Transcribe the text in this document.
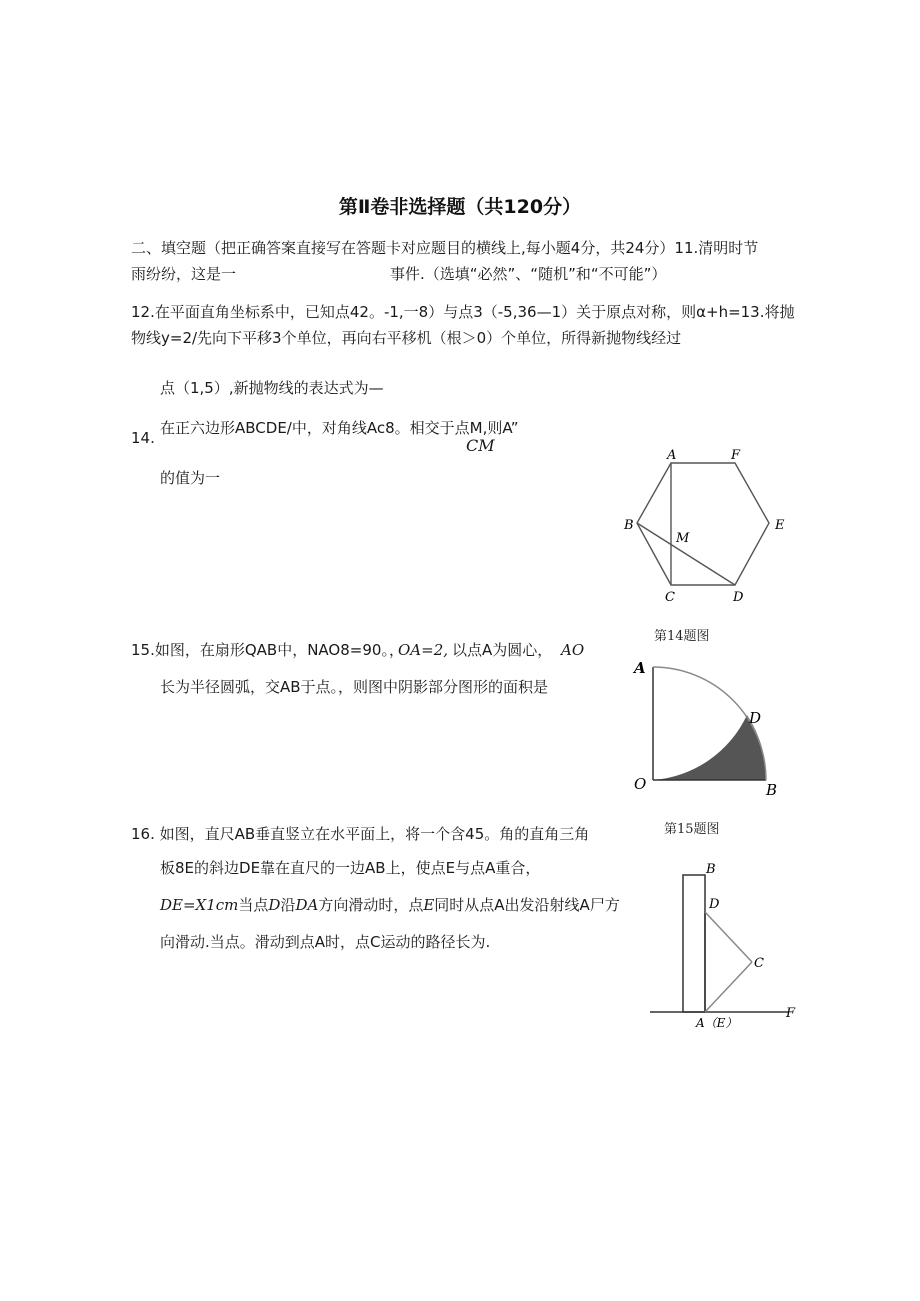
第Ⅱ卷非选择题（共120分）
二、填空题（把正确答案直接写在答题卡对应题目的横线上,每小题4分，共24分）11.清明时节
雨纷纷，这是一	事件.（选填“必然”、“随机”和“不可能”）
12.在平面直角坐标系中，已知点42。-1,一8）与点3（-5,36—1）关于原点对称，则α+h=13.将抛
物线y=2/先向下平移3个单位，再向右平移机（根＞0）个单位，所得新抛物线经过
点（1,5）,新抛物线的表达式为—
14.
在正六边形ABCDE/中，对角线Ac8。相交于点M,则A”
CM
的值为一
A	F
B	E
M
C	D
第14题图
15.如图，在扇形QAB中，NAO8=90。，
OA=2, 以点A为圆心， AO
长为半径圆弧，交AB于点。，则图中阴影部分图形的面积是
A
D
O	B
第15题图
16. 如图，直尺AB垂直竖立在水平面上，将一个含45。角的直角三角
板8E的斜边DE靠在直尺的一边AB上，使点E与点A重合，
DE=X1cm当点D沿DA方向滑动时，点E同时从点A出发沿射线A尸方
向滑动.当点。滑动到点A时，点C运动的路径长为.
B
D
C
F
A（E）
